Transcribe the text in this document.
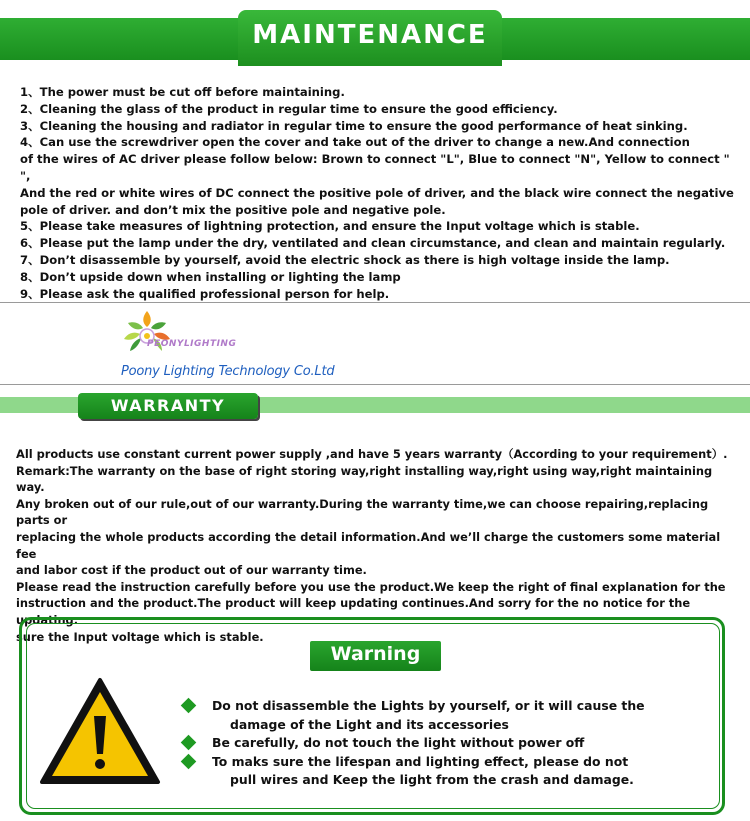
MAINTENANCE
1、The power must be cut off before maintaining.
2、Cleaning the glass of the product in regular time to ensure the good efficiency.
3、Cleaning the housing and radiator in regular time to ensure the good performance of heat sinking.
4、Can use the screwdriver open the cover and take out of the driver to change a new.And connection
of the wires of AC driver please follow below: Brown to connect "L", Blue to connect "N", Yellow to connect " ",
And the red or white wires of DC connect the positive pole of driver, and the black wire connect the negative
pole of driver. and don’t mix the positive pole and negative pole.
5、Please take measures of lightning protection, and ensure the Input voltage which is stable.
6、Please put the lamp under the dry, ventilated and clean circumstance, and clean and maintain regularly.
7、Don’t disassemble by yourself, avoid the electric shock as there is high voltage inside the lamp.
8、Don’t upside down when installing or lighting the lamp
9、Please ask the qualified professional person for help.
PEONYLIGHTING
Poony Lighting Technology Co.Ltd
WARRANTY

All products use constant current power supply ,and have 5 years warranty（According to your requirement）.

Remark:The warranty on the base of right storing way,right installing way,right using way,right maintaining way.

Any broken out of our rule,out of our warranty.During the warranty time,we can choose repairing,replacing parts or

replacing the whole products according the detail information.And we’ll charge the customers some material fee

and labor cost if the product out of our warranty time.

Please read the instruction carefully before you use the product.We keep the right of final explanation for the

instruction and the product.The product will keep updating continues.And sorry for the no notice for the updating.

sure the Input voltage which is stable.

Warning
Do not disassemble the Lights by yourself, or it will cause the
damage of the Light and its accessories
Be carefully, do not touch the light without power off
To maks sure the lifespan and lighting effect, please do not
pull wires and Keep the light from the crash and damage.
